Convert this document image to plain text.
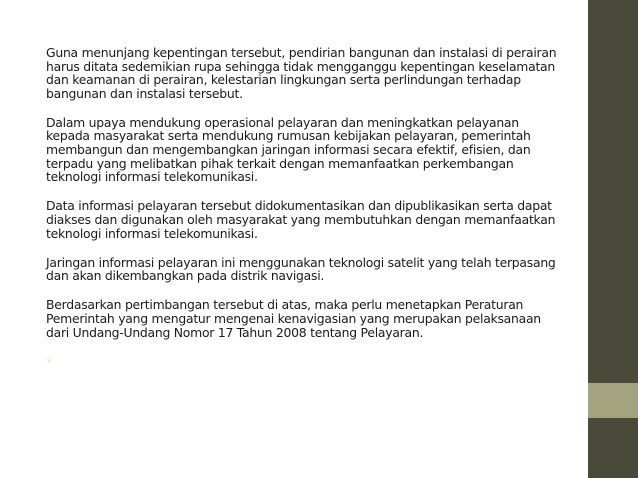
Guna menunjang kepentingan tersebut, pendirian bangunan dan instalasi di perairan harus ditata sedemikian rupa sehingga tidak mengganggu kepentingan keselamatan dan keamanan di perairan, kelestarian lingkungan serta perlindungan terhadap bangunan dan instalasi tersebut.

Dalam upaya mendukung operasional pelayaran dan meningkatkan pelayanan kepada masyarakat serta mendukung rumusan kebijakan pelayaran, pemerintah membangun dan mengembangkan jaringan informasi secara efektif, efisien, dan terpadu yang melibatkan pihak terkait dengan memanfaatkan perkembangan teknologi informasi telekomunikasi.

Data informasi pelayaran tersebut didokumentasikan dan dipublikasikan serta dapat diakses dan digunakan oleh masyarakat yang membutuhkan dengan memanfaatkan teknologi informasi telekomunikasi.

Jaringan informasi pelayaran ini menggunakan teknologi satelit yang telah terpasang dan akan dikembangkan pada distrik navigasi.

Berdasarkan pertimbangan tersebut di atas, maka perlu menetapkan Peraturan Pemerintah yang mengatur mengenai kenavigasian yang merupakan pelaksanaan dari Undang-Undang Nomor 17 Tahun 2008 tentang Pelayaran.

◦
